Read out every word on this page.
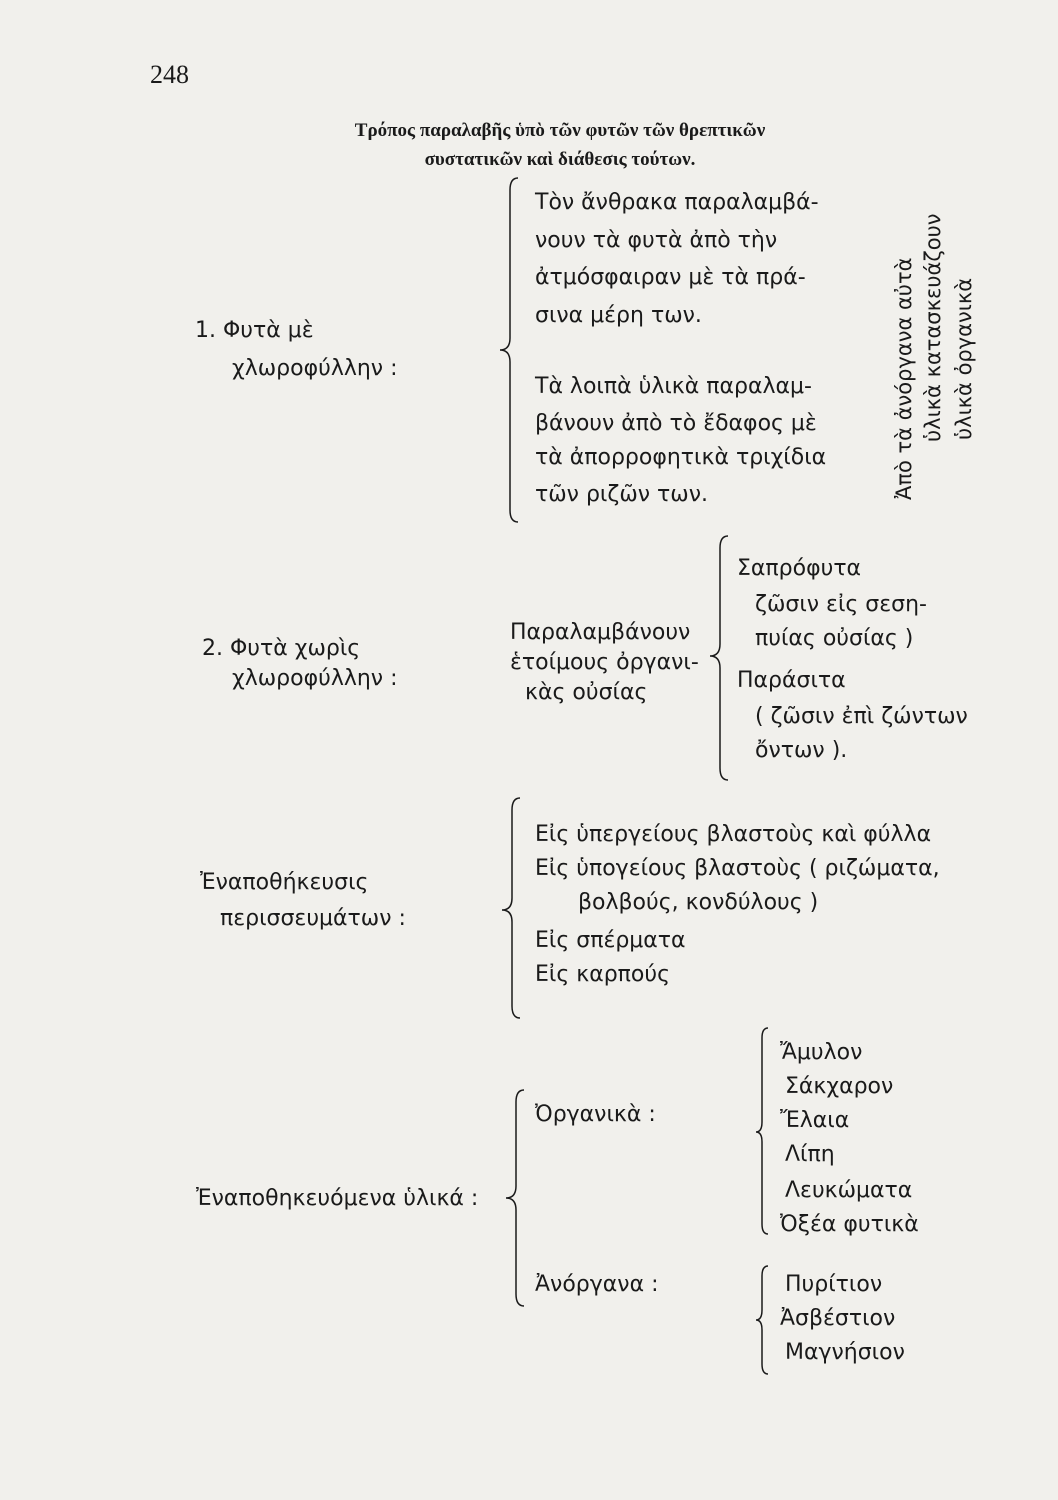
248
Τρόπος παραλαβῆς ὑπὸ τῶν φυτῶν τῶν θρεπτικῶν
συστατικῶν καὶ διάθεσις τούτων.
1. Φυτὰ μὲ
χλωροφύλλην :
Τὸν ἄνθρακα παραλαμβά-
νουν τὰ φυτὰ ἀπὸ τὴν
ἀτμόσφαιραν μὲ τὰ πρά-
σινα μέρη των.
Τὰ λοιπὰ ὑλικὰ παραλαμ-
βάνουν ἀπὸ τὸ ἔδαφος μὲ
τὰ ἀπορροφητικὰ τριχίδια
τῶν ριζῶν των.	Ἀπὸ τὰ ἀνόργανα αὐτὰ ὑλικὰ κατασκευάζουν ὑλικὰ ὀργανικὰ
2. Φυτὰ χωρὶς
χλωροφύλλην :
Παραλαμβάνουν
ἑτοίμους ὀργανι-
κὰς οὐσίας
Σαπρόφυτα
ζῶσιν εἰς σεση-
πυίας οὐσίας )
Παράσιτα
( ζῶσιν ἐπὶ ζώντων
ὄντων ).
Ἐναποθήκευσις
περισσευμάτων :
Εἰς ὑπεργείους βλαστοὺς καὶ φύλλα
Εἰς ὑπογείους βλαστοὺς ( ριζώματα,
βολβούς, κονδύλους )
Εἰς σπέρματα
Εἰς καρπούς
Ἐναποθηκευόμενα ὑλικά :
Ὀργανικὰ :
Ἀνόργανα :
Ἄμυλον
Σάκχαρον
Ἔλαια
Λίπη
Λευκώματα
Ὀξέα φυτικὰ
Πυρίτιον
Ἀσβέστιον
Μαγνήσιον
